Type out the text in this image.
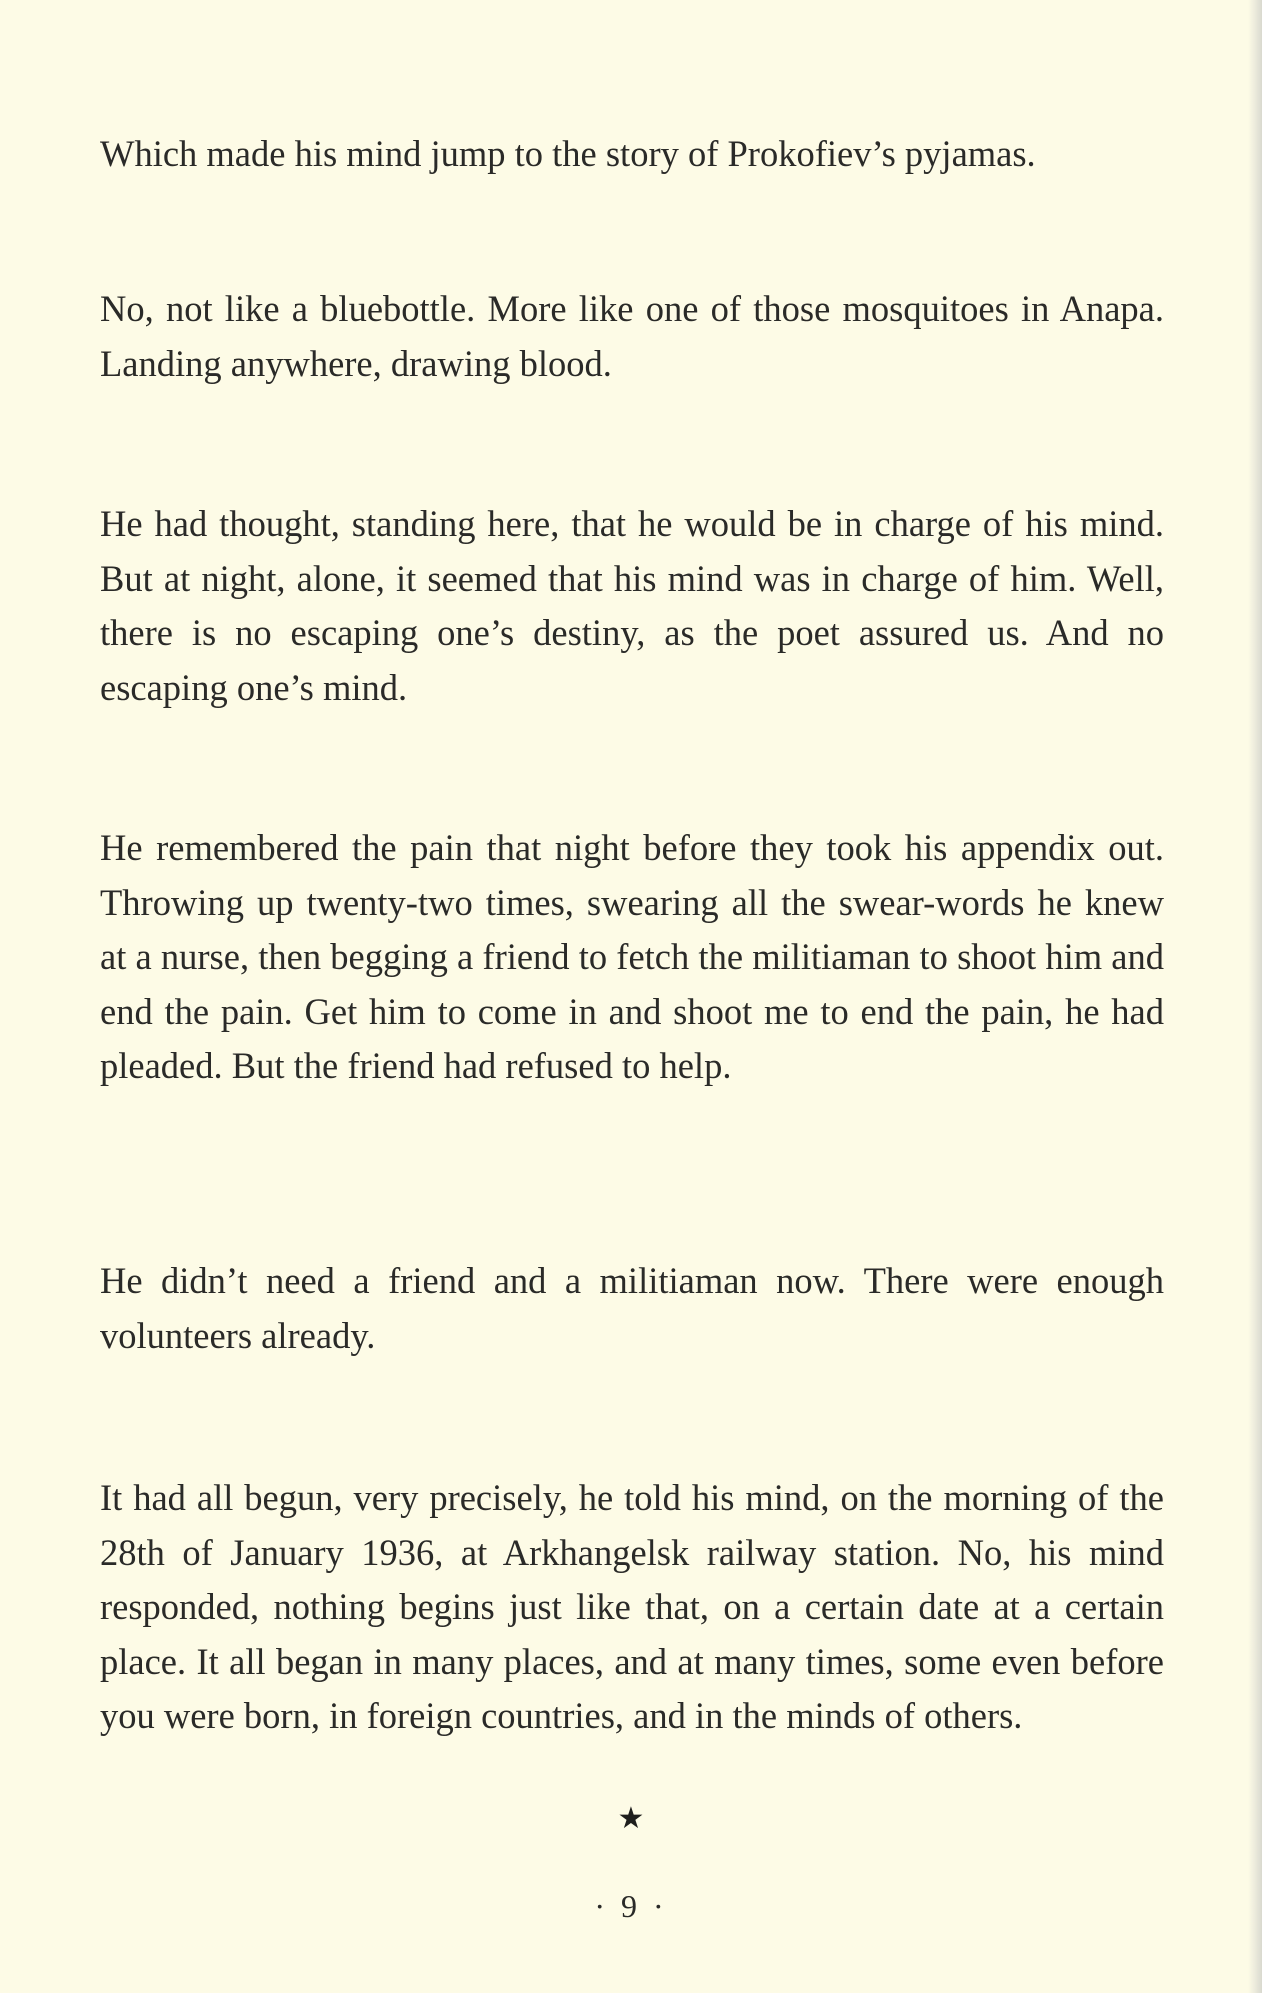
Which made his mind jump to the story of Prokofiev’s pyjamas.

No, not like a bluebottle. More like one of those mosquitoes in Anapa. Landing anywhere, drawing blood.

He had thought, standing here, that he would be in charge of his mind. But at night, alone, it seemed that his mind was in charge of him. Well, there is no escaping one’s destiny, as the poet assured us. And no escaping one’s mind.

He remembered the pain that night before they took his appendix out. Throwing up twenty-two times, swearing all the swear-words he knew at a nurse, then begging a friend to fetch the militiaman to shoot him and end the pain. Get him to come in and shoot me to end the pain, he had pleaded. But the friend had refused to help.

He didn’t need a friend and a militiaman now. There were enough volunteers already.

It had all begun, very precisely, he told his mind, on the morning of the 28th of January 1936, at Arkhangelsk railway station. No, his mind responded, nothing begins just like that, on a certain date at a certain place. It all began in many places, and at many times, some even before you were born, in foreign countries, and in the minds of others.

★
· 9 ·
